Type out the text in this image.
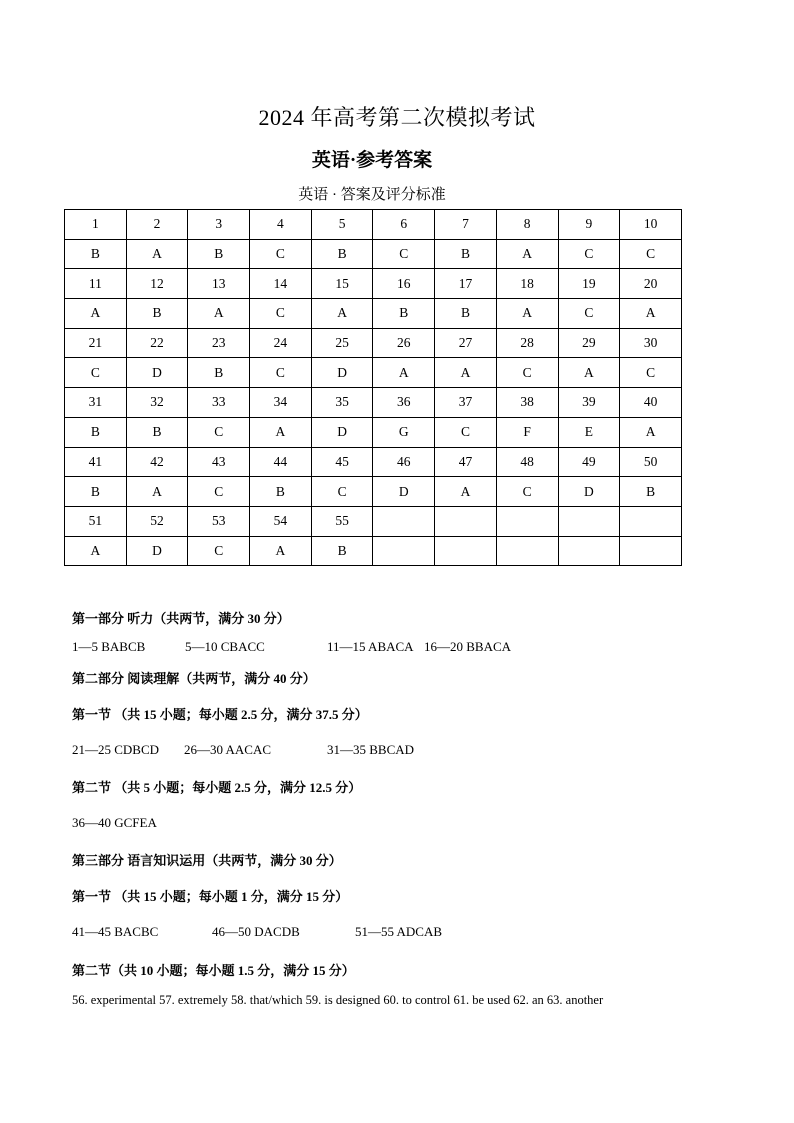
2024 年高考第二次模拟考试
英语·参考答案
英语 · 答案及评分标准
1	2	3	4	5	6	7	8	9	10
B	A	B	C	B	C	B	A	C	C
11	12	13	14	15	16	17	18	19	20
A	B	A	C	A	B	B	A	C	A
21	22	23	24	25	26	27	28	29	30
C	D	B	C	D	A	A	C	A	C
31	32	33	34	35	36	37	38	39	40
B	B	C	A	D	G	C	F	E	A
41	42	43	44	45	46	47	48	49	50
B	A	C	B	C	D	A	C	D	B
51	52	53	54	55					
A	D	C	A	B					
第一部分 听力（共两节，满分 30 分）
1—5 BABCB	5—10 CBACC	11—15 ABACA 16—20 BBACA
第二部分 阅读理解（共两节，满分 40 分）
第一节 （共 15 小题；每小题 2.5 分，满分 37.5 分）
21—25 CDBCD 26—30 AACAC	31—35 BBCAD
第二节 （共 5 小题；每小题 2.5 分，满分 12.5 分）
36—40 GCFEA
第三部分 语言知识运用（共两节，满分 30 分）
第一节 （共 15 小题；每小题 1 分，满分 15 分）
41—45 BACBC	46—50 DACDB	51—55 ADCAB
第二节（共 10 小题；每小题 1.5 分，满分 15 分）
56. experimental 57. extremely 58. that/which 59. is designed 60. to control 61. be used 62. an 63. another
